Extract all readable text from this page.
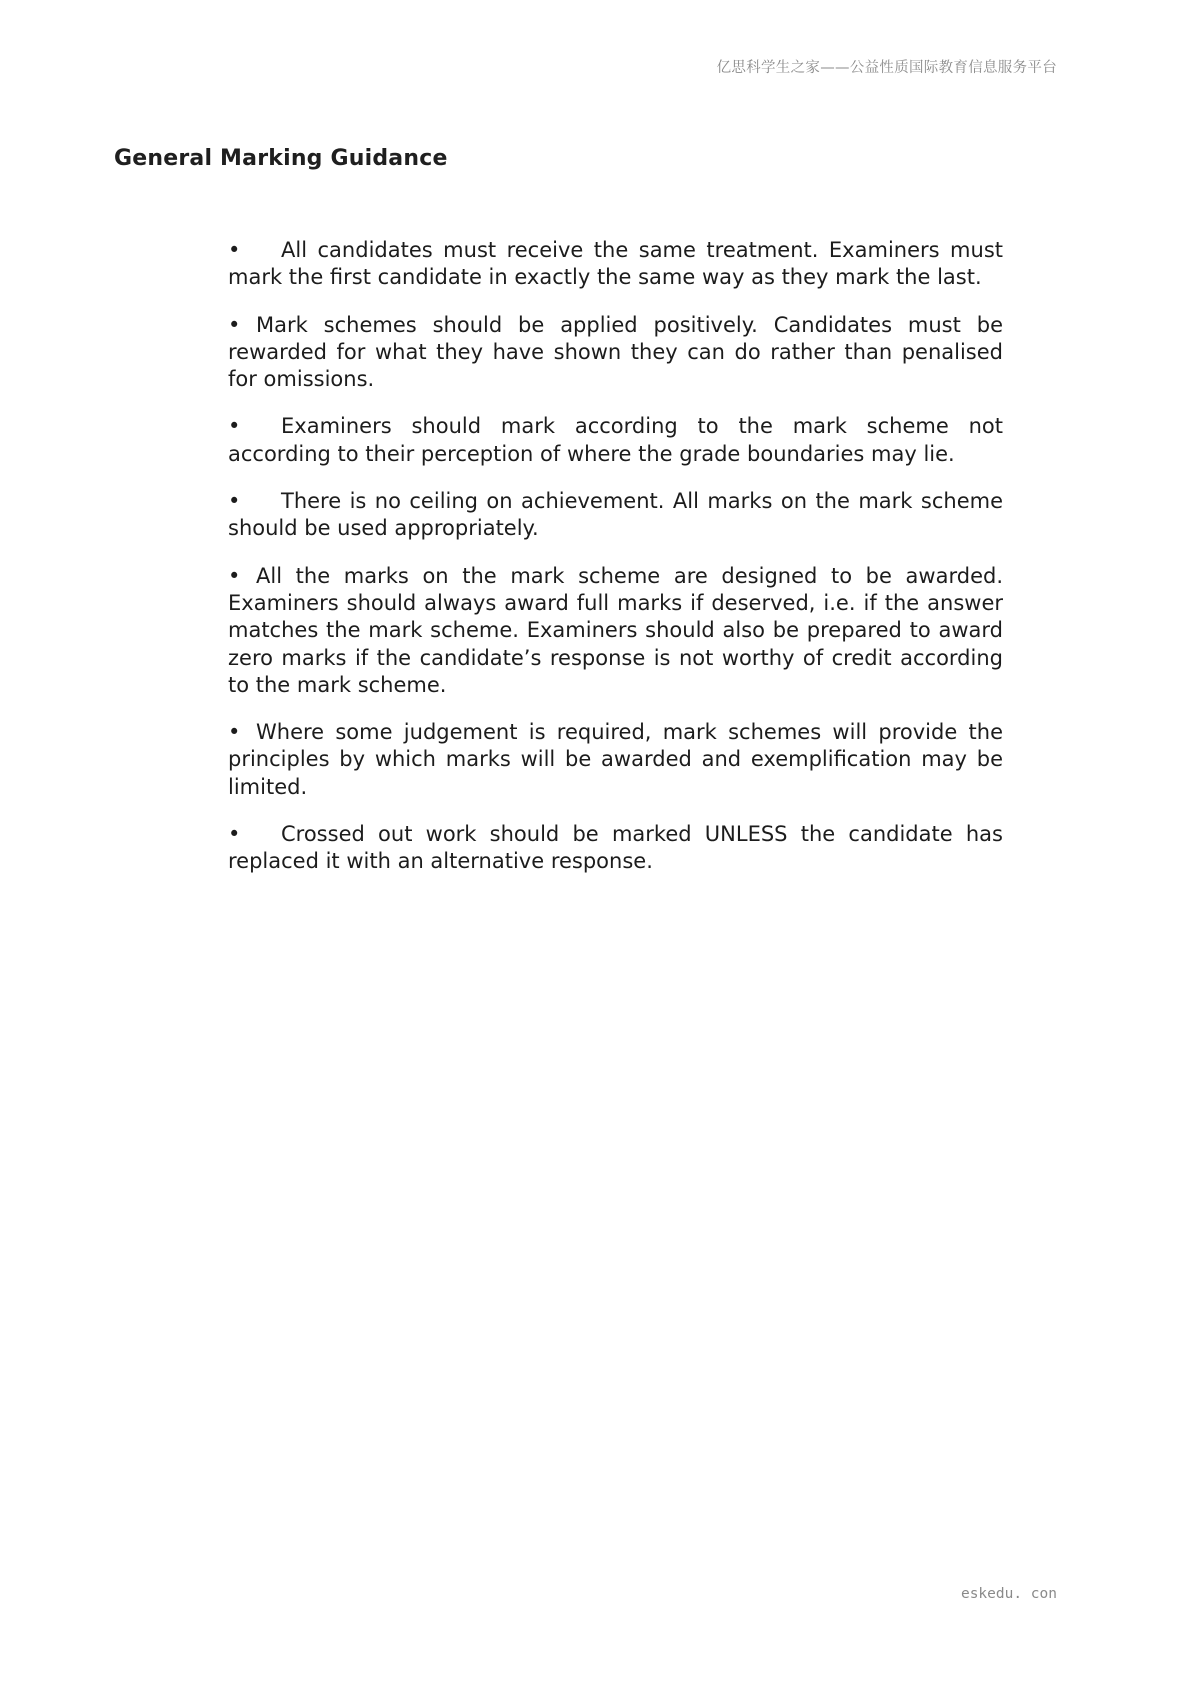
亿思科学生之家——公益性质国际教育信息服务平台
General Marking Guidance
• All candidates must receive the same treatment. Examiners must mark the first candidate in exactly the same way as they mark the last.
• Mark schemes should be applied positively. Candidates must be rewarded for what they have shown they can do rather than penalised for omissions.
• Examiners should mark according to the mark scheme not according to their perception of where the grade boundaries may lie.
• There is no ceiling on achievement. All marks on the mark scheme should be used appropriately.
• All the marks on the mark scheme are designed to be awarded. Examiners should always award full marks if deserved, i.e. if the answer matches the mark scheme. Examiners should also be prepared to award zero marks if the candidate’s response is not worthy of credit according to the mark scheme.
• Where some judgement is required, mark schemes will provide the principles by which marks will be awarded and exemplification may be limited.
• Crossed out work should be marked UNLESS the candidate has replaced it with an alternative response.
eskedu. con
